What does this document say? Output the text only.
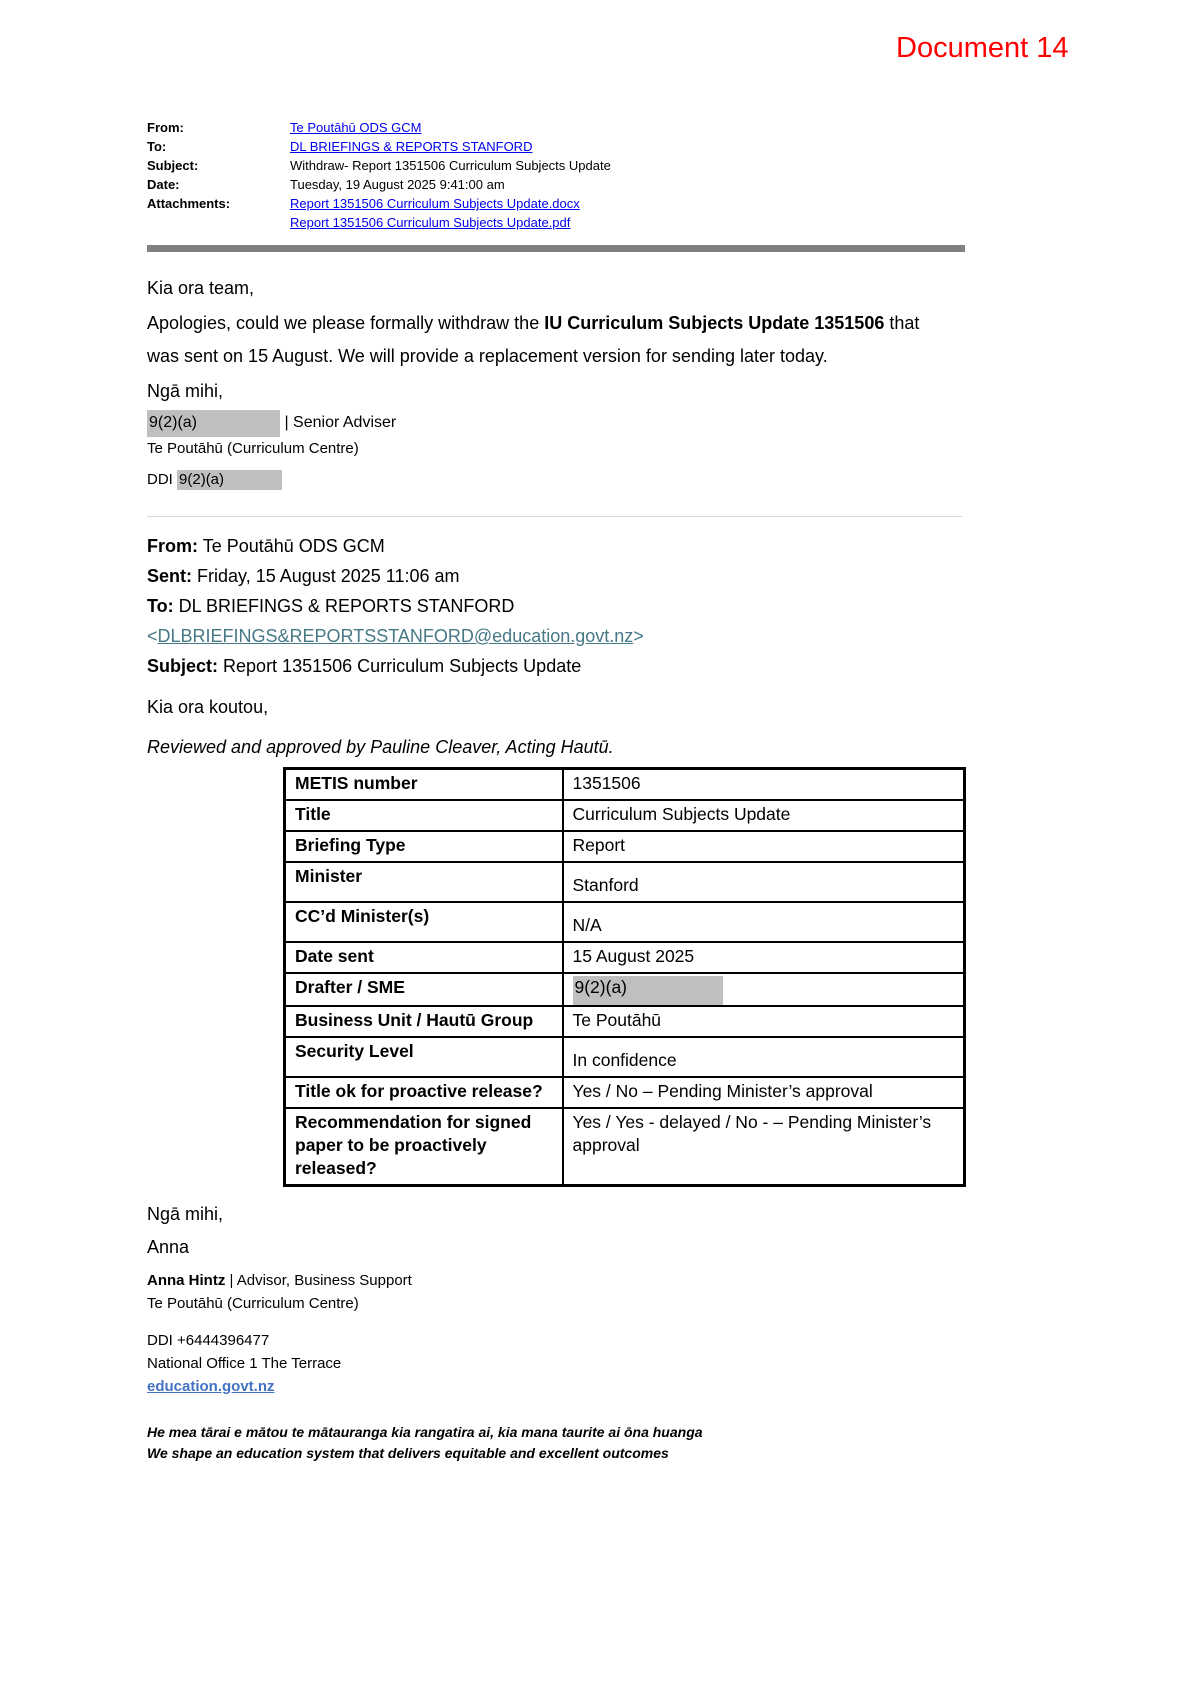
Document 14
From:	Te Poutāhū ODS GCM
To:	DL BRIEFINGS & REPORTS STANFORD
Subject:	Withdraw- Report 1351506 Curriculum Subjects Update
Date:	Tuesday, 19 August 2025 9:41:00 am
Attachments:	Report 1351506 Curriculum Subjects Update.docx
Report 1351506 Curriculum Subjects Update.pdf
Kia ora team,
Apologies, could we please formally withdraw the IU Curriculum Subjects Update 1351506 that was sent on 15 August. We will provide a replacement version for sending later today.
Ngā mihi,
9(2)(a)	| Senior Adviser
Te Poutāhū (Curriculum Centre)
DDI 9(2)(a)
From: Te Poutāhū ODS GCM
Sent: Friday, 15 August 2025 11:06 am
To: DL BRIEFINGS & REPORTS STANFORD
<DLBRIEFINGS&REPORTSSTANFORD@education.govt.nz>
Subject: Report 1351506 Curriculum Subjects Update
Kia ora koutou,
Reviewed and approved by Pauline Cleaver, Acting Hautū.
METIS number	1351506
Title	Curriculum Subjects Update
Briefing Type	Report
Minister	Stanford
CC’d Minister(s)	N/A
Date sent	15 August 2025
Drafter / SME	9(2)(a)
Business Unit / Hautū Group	Te Poutāhū
Security Level	In confidence
Title ok for proactive release?	Yes / No – Pending Minister’s approval
Recommendation for signed paper to be proactively released?	Yes / Yes - delayed / No - – Pending Minister’s approval
Ngā mihi,
Anna
Anna Hintz | Advisor, Business Support
Te Poutāhū (Curriculum Centre)
DDI +6444396477
National Office 1 The Terrace
education.govt.nz
He mea tārai e mātou te mātauranga kia rangatira ai, kia mana taurite ai ōna huanga
We shape an education system that delivers equitable and excellent outcomes
